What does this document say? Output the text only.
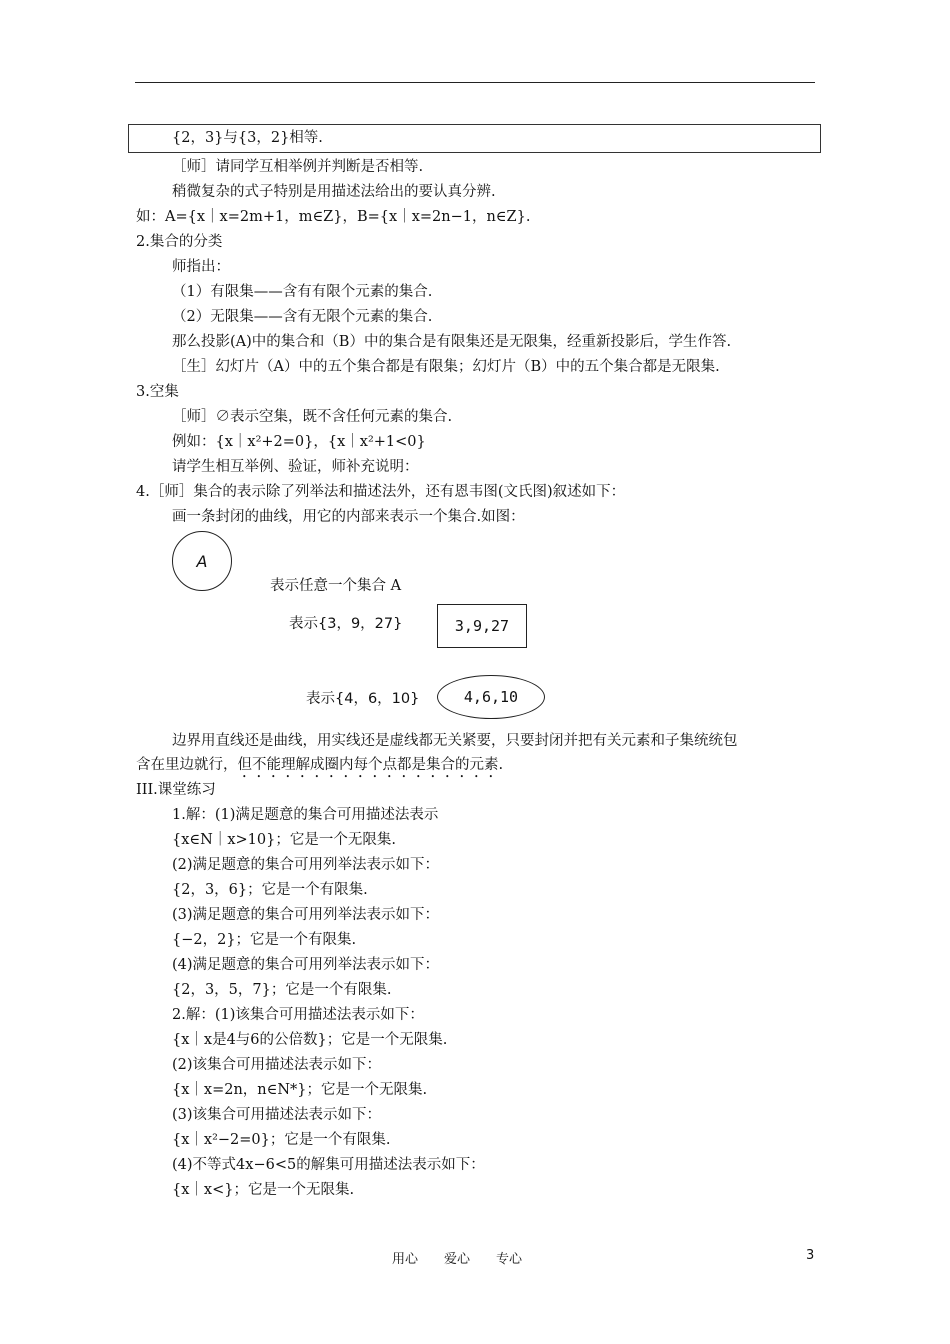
{2，3}与{3，2}相等.
［师］请同学互相举例并判断是否相等.
稍微复杂的式子特别是用描述法给出的要认真分辨.
如：A={x｜x=2m+1，m∈Z}，B={x｜x=2n−1，n∈Z}.
2.集合的分类
师指出：
（1）有限集——含有有限个元素的集合.
（2）无限集——含有无限个元素的集合.
那么投影(A)中的集合和（B）中的集合是有限集还是无限集，经重新投影后，学生作答.
［生］幻灯片（A）中的五个集合都是有限集；幻灯片（B）中的五个集合都是无限集.
3.空集
［师］∅表示空集，既不含任何元素的集合.
例如：{x｜x²+2=0}，{x｜x²+1<0}
请学生相互举例、验证，师补充说明：
4.［师］集合的表示除了列举法和描述法外，还有恩韦图(文氏图)叙述如下：
画一条封闭的曲线，用它的内部来表示一个集合.如图：
A
表示任意一个集合 A
表示{3，9，27}	3,9,27
表示{4，6，10}	4,6,10
边界用直线还是曲线，用实线还是虚线都无关紧要，只要封闭并把有关元素和子集统统包
含在里边就行，但不能理解成圈内每个点都是集合的元素.
III.课堂练习
1.解：(1)满足题意的集合可用描述法表示
{x∈N｜x>10}；它是一个无限集.
(2)满足题意的集合可用列举法表示如下：
{2，3，6}；它是一个有限集.
(3)满足题意的集合可用列举法表示如下：
{−2，2}；它是一个有限集.
(4)满足题意的集合可用列举法表示如下：
{2，3，5，7}；它是一个有限集.
2.解：(1)该集合可用描述法表示如下：
{x｜x是4与6的公倍数}；它是一个无限集.
(2)该集合可用描述法表示如下：
{x｜x=2n，n∈N*}；它是一个无限集.
(3)该集合可用描述法表示如下：
{x｜x²−2=0}；它是一个有限集.
(4)不等式4x−6<5的解集可用描述法表示如下：
{x｜x<}；它是一个无限集.
用心　　爱心　　专心	3
